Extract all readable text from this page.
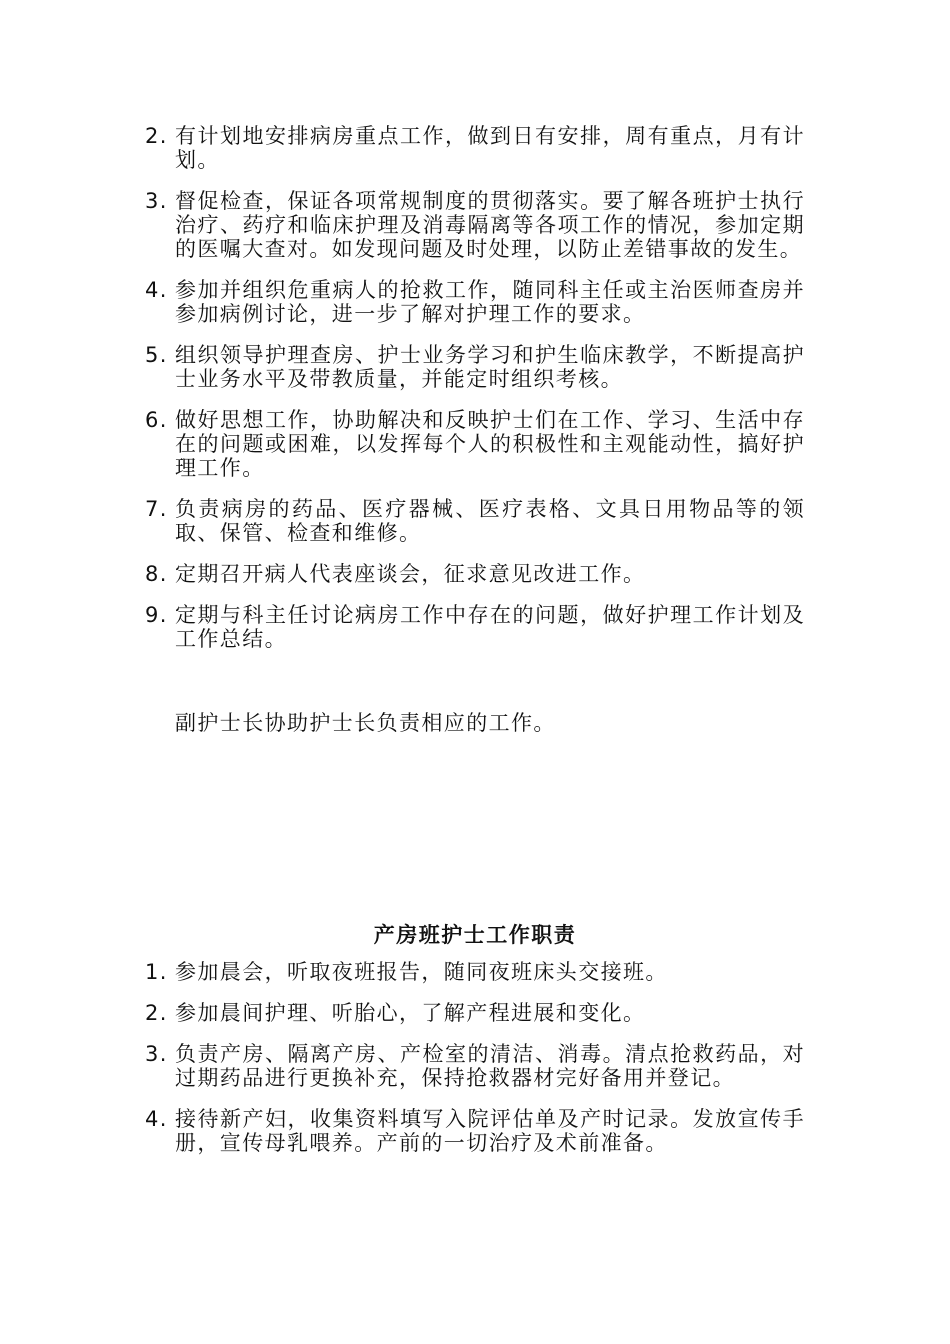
2. 有计划地安排病房重点工作，做到日有安排，周有重点，月有计划。
3. 督促检查，保证各项常规制度的贯彻落实。要了解各班护士执行治疗、药疗和临床护理及消毒隔离等各项工作的情况，参加定期的医嘱大查对。如发现问题及时处理，以防止差错事故的发生。
4. 参加并组织危重病人的抢救工作，随同科主任或主治医师查房并参加病例讨论，进一步了解对护理工作的要求。
5. 组织领导护理查房、护士业务学习和护生临床教学，不断提高护士业务水平及带教质量，并能定时组织考核。
6. 做好思想工作，协助解决和反映护士们在工作、学习、生活中存在的问题或困难，以发挥每个人的积极性和主观能动性，搞好护理工作。
7. 负责病房的药品、医疗器械、医疗表格、文具日用物品等的领取、保管、检查和维修。
8. 定期召开病人代表座谈会，征求意见改进工作。
9. 定期与科主任讨论病房工作中存在的问题，做好护理工作计划及工作总结。

副护士长协助护士长负责相应的工作。

产房班护士工作职责
1. 参加晨会，听取夜班报告，随同夜班床头交接班。
2. 参加晨间护理、听胎心，了解产程进展和变化。
3. 负责产房、隔离产房、产检室的清洁、消毒。清点抢救药品，对过期药品进行更换补充，保持抢救器材完好备用并登记。
4. 接待新产妇，收集资料填写入院评估单及产时记录。发放宣传手册，宣传母乳喂养。产前的一切治疗及术前准备。
